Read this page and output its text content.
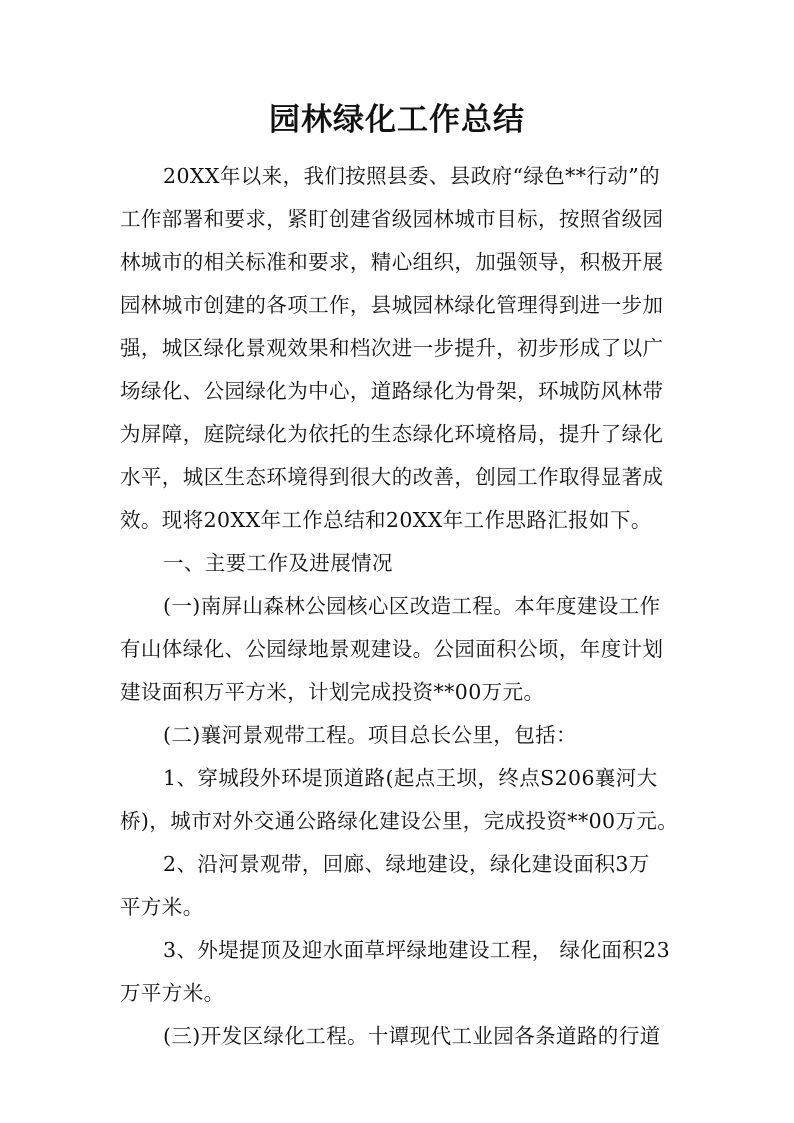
园林绿化工作总结
20XX年以来，我们按照县委、县政府“绿色**行动”的
工作部署和要求，紧盯创建省级园林城市目标，按照省级园
林城市的相关标准和要求，精心组织，加强领导，积极开展
园林城市创建的各项工作，县城园林绿化管理得到进一步加
强，城区绿化景观效果和档次进一步提升，初步形成了以广
场绿化、公园绿化为中心，道路绿化为骨架，环城防风林带
为屏障，庭院绿化为依托的生态绿化环境格局，提升了绿化
水平，城区生态环境得到很大的改善，创园工作取得显著成
效。现将20XX年工作总结和20XX年工作思路汇报如下。
一、主要工作及进展情况
(一)南屏山森林公园核心区改造工程。本年度建设工作
有山体绿化、公园绿地景观建设。公园面积公顷，年度计划
建设面积万平方米，计划完成投资**00万元。
(二)襄河景观带工程。项目总长公里，包括：
1、穿城段外环堤顶道路(起点王坝，终点S206襄河大
桥)，城市对外交通公路绿化建设公里，完成投资**00万元。
2、沿河景观带，回廊、绿地建设，绿化建设面积3万
平方米。
3、外堤提顶及迎水面草坪绿地建设工程， 绿化面积23
万平方米。
(三)开发区绿化工程。十谭现代工业园各条道路的行道
